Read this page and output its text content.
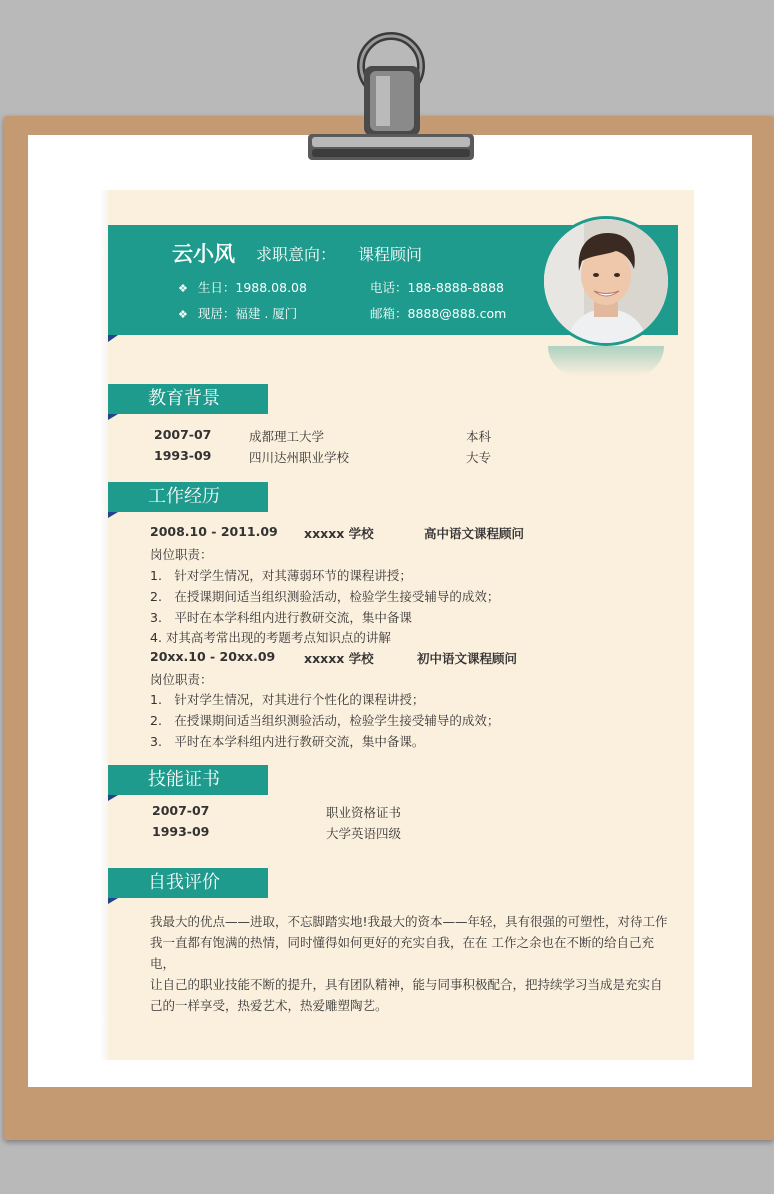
云小风 求职意向： 课程顾问
❖ 生日：1988.08.08	电话：188-8888-8888
❖ 现居：福建 . 厦门	邮箱：8888@888.com
教育背景
2007-07	成都理工大学	本科
1993-09	四川达州职业学校	大专
工作经历
2008.10 - 2011.09 xxxxx 学校	高中语文课程顾问
岗位职责：
1.　针对学生情况，对其薄弱环节的课程讲授；
2.　在授课期间适当组织测验活动，检验学生接受辅导的成效；
3.　平时在本学科组内进行教研交流，集中备课
4. 对其高考常出现的考题考点知识点的讲解
20xx.10 - 20xx.09 xxxxx 学校	初中语文课程顾问
岗位职责：
1.　针对学生情况，对其进行个性化的课程讲授；
2.　在授课期间适当组织测验活动，检验学生接受辅导的成效；
3.　平时在本学科组内进行教研交流，集中备课。
技能证书
2007-07	职业资格证书
1993-09	大学英语四级
自我评价
我最大的优点——进取，不忘脚踏实地!我最大的资本——年轻，具有很强的可塑性，对待工作
我一直都有饱满的热情，同时懂得如何更好的充实自我，在在 工作之余也在不断的给自己充电，
让自己的职业技能不断的提升，具有团队精神，能与同事积极配合，把持续学习当成是充实自
己的一样享受，热爱艺术，热爱雕塑陶艺。
